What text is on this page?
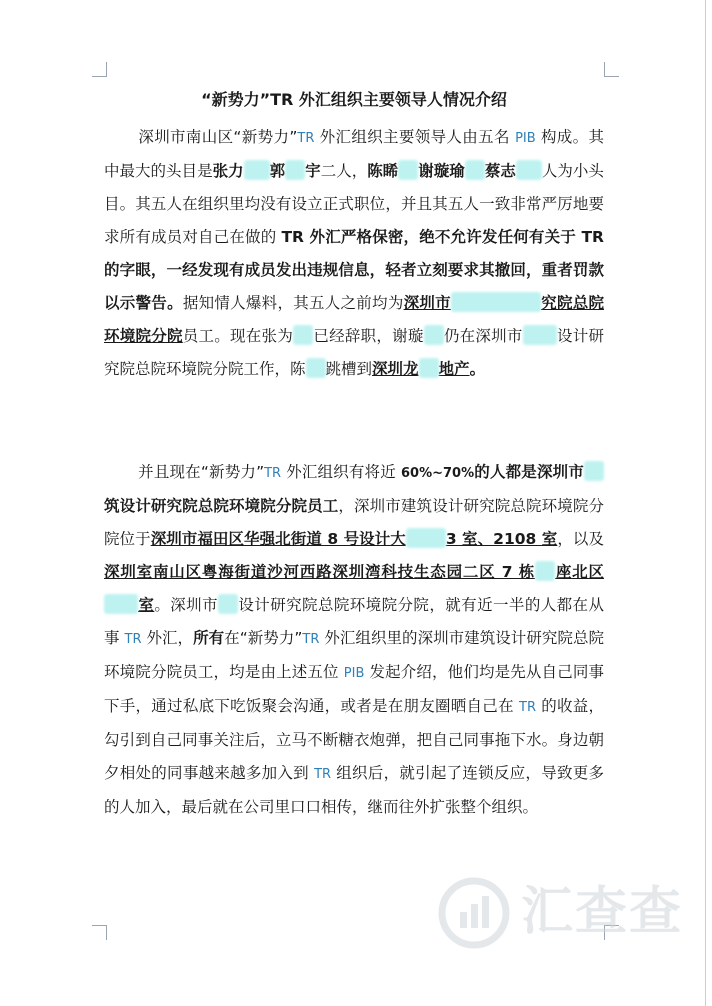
“新势力”TR 外汇组织主要领导人情况介绍
深圳市南山区“新势力”TR 外汇组织主要领导人由五名 PIB 构成。其中最大的头目是张力 郭 宇二人，陈睎 谢璇瑜 蔡志 人为小头目。其五人在组织里均没有设立正式职位，并且其五人一致非常严厉地要求所有成员对自己在做的 TR 外汇严格保密，绝不允许发任何有关于 TR 的字眼，一经发现有成员发出违规信息，轻者立刻要求其撤回，重者罚款以示警告。据知情人爆料，其五人之前均为深圳市	究院总院环境院分院员工。现在张为 已经辞职，谢璇 仍在深圳市 设计研究院总院环境院分院工作，陈 跳槽到深圳龙 地产。
并且现在“新势力”TR 外汇组织有将近 60%~70%的人都是深圳市筑设计研究院总院环境院分院员工，深圳市建筑设计研究院总院环境院分院位于深圳市福田区华强北街道 8 号设计大	3 室、2108 室，以及深圳室南山区粤海街道沙河西路深圳湾科技生态园二区 7 栋 座北区室。深圳市 设计研究院总院环境院分院，就有近一半的人都在从事 TR 外汇，所有在“新势力”TR 外汇组织里的深圳市建筑设计研究院总院环境院分院员工，均是由上述五位 PIB 发起介绍，他们均是先从自己同事下手，通过私底下吃饭聚会沟通，或者是在朋友圈晒自己在 TR 的收益，勾引到自己同事关注后，立马不断糖衣炮弹，把自己同事拖下水。身边朝夕相处的同事越来越多加入到 TR 组织后，就引起了连锁反应，导致更多的人加入，最后就在公司里口口相传，继而往外扩张整个组织。
汇查查
